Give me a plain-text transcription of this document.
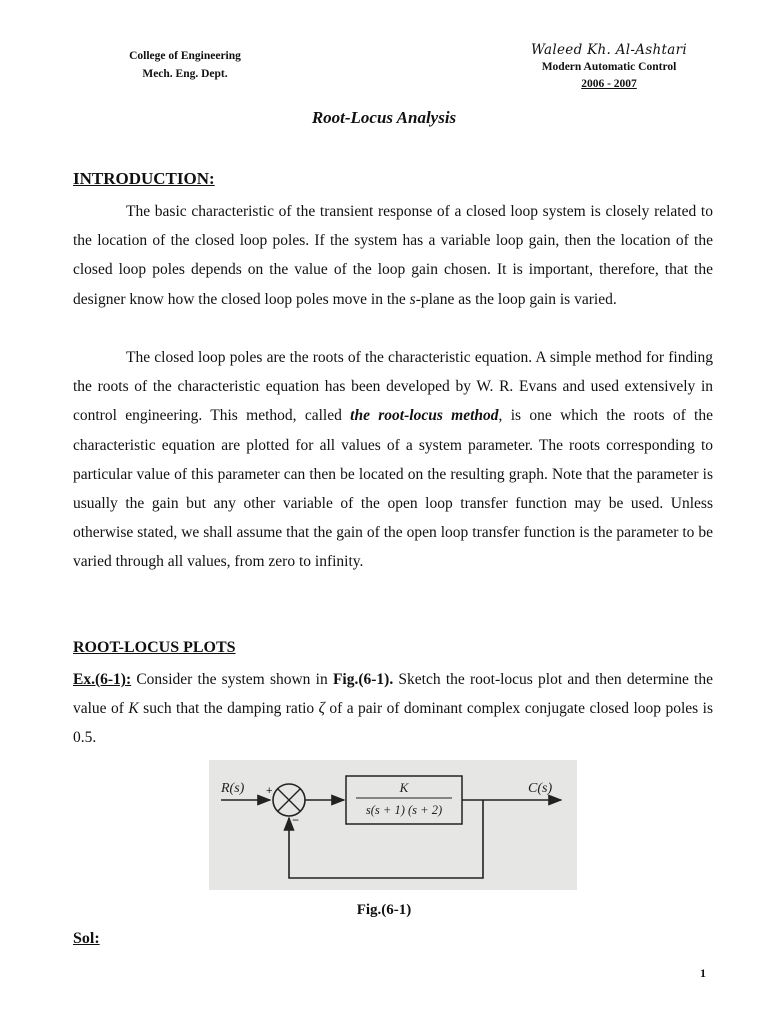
College of Engineering
Mech. Eng. Dept.
Waleed Kh. Al-Ashtari
Modern Automatic Control
2006 - 2007
Root-Locus Analysis
INTRODUCTION:

The basic characteristic of the transient response of a closed loop system is closely related to the location of the closed loop poles. If the system has a variable loop gain, then the location of the closed loop poles depends on the value of the loop gain chosen. It is important, therefore, that the designer know how the closed loop poles move in the s-plane as the loop gain is varied.

The closed loop poles are the roots of the characteristic equation. A simple method for finding the roots of the characteristic equation has been developed by W. R. Evans and used extensively in control engineering. This method, called the root-locus method, is one which the roots of the characteristic equation are plotted for all values of a system parameter. The roots corresponding to particular value of this parameter can then be located on the resulting graph. Note that the parameter is usually the gain but any other variable of the open loop transfer function may be used. Unless otherwise stated, we shall assume that the gain of the open loop transfer function is the parameter to be varied through all values, from zero to infinity.

ROOT-LOCUS PLOTS

Ex.(6-1): Consider the system shown in Fig.(6-1). Sketch the root-locus plot and then determine the value of K such that the damping ratio ζ of a pair of dominant complex conjugate closed loop poles is 0.5.

R(s) +
−
K
s(s + 1) (s + 2)
C(s)
Fig.(6-1)
Sol:
1
